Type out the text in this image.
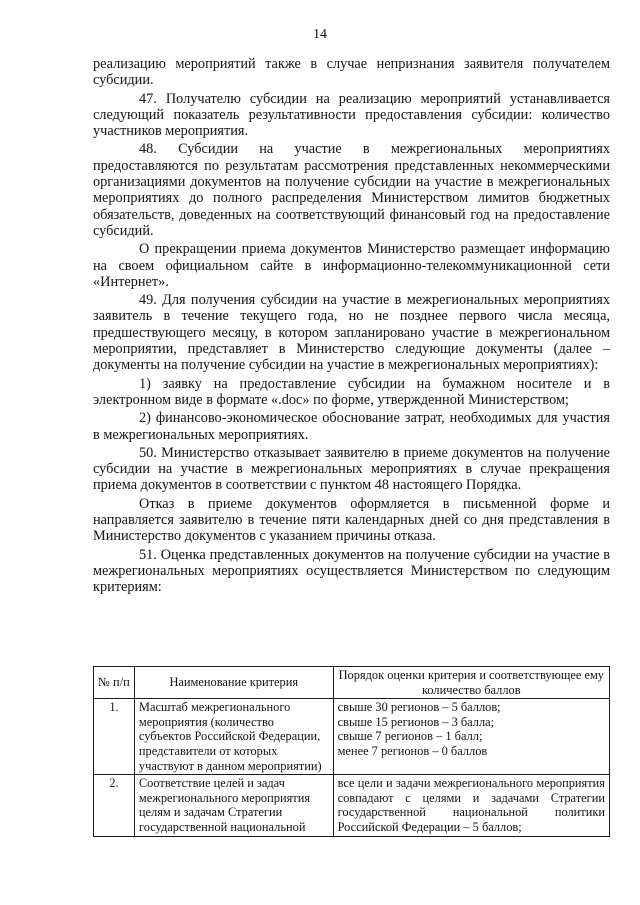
14

реализацию мероприятий также в случае непризнания заявителя получателем субсидии.

47. Получателю субсидии на реализацию мероприятий устанавливается следующий показатель результативности предоставления субсидии: количество участников мероприятия.

48. Субсидии на участие в межрегиональных мероприятиях предоставляются по результатам рассмотрения представленных некоммерческими организациями документов на получение субсидии на участие в межрегиональных мероприятиях до полного распределения Министерством лимитов бюджетных обязательств, доведенных на соответствующий финансовый год на предоставление субсидий.

О прекращении приема документов Министерство размещает информацию на своем официальном сайте в информационно-телекоммуникационной сети «Интернет».

49. Для получения субсидии на участие в межрегиональных мероприятиях заявитель в течение текущего года, но не позднее первого числа месяца, предшествующего месяцу, в котором запланировано участие в межрегиональном мероприятии, представляет в Министерство следующие документы (далее – документы на получение субсидии на участие в межрегиональных мероприятиях):

1) заявку на предоставление субсидии на бумажном носителе и в электронном виде в формате «.doc» по форме, утвержденной Министерством;

2) финансово-экономическое обоснование затрат, необходимых для участия в межрегиональных мероприятиях.

50. Министерство отказывает заявителю в приеме документов на получение субсидии на участие в межрегиональных мероприятиях в случае прекращения приема документов в соответствии с пунктом 48 настоящего Порядка.

Отказ в приеме документов оформляется в письменной форме и направляется заявителю в течение пяти календарных дней со дня представления в Министерство документов с указанием причины отказа.

51. Оценка представленных документов на получение субсидии на участие в межрегиональных мероприятиях осуществляется Министерством по следующим критериям:

№ п/п	Наименование критерия	Порядок оценки критерия и соответствующее ему количество баллов
1.	Масштаб межрегионального мероприятия (количество субъектов Российской Федерации, представители от которых участвуют в данном мероприятии)	свыше 30 регионов – 5 баллов;
свыше 15 регионов – 3 балла;
свыше 7 регионов – 1 балл;
менее 7 регионов – 0 баллов

2.	Соответствие целей и задач межрегионального мероприятия целям и задачам Стратегии государственной национальной	все цели и задачи межрегионального мероприятия совпадают с целями и задачами Стратегии государственной национальной политики Российской Федерации – 5 баллов;
